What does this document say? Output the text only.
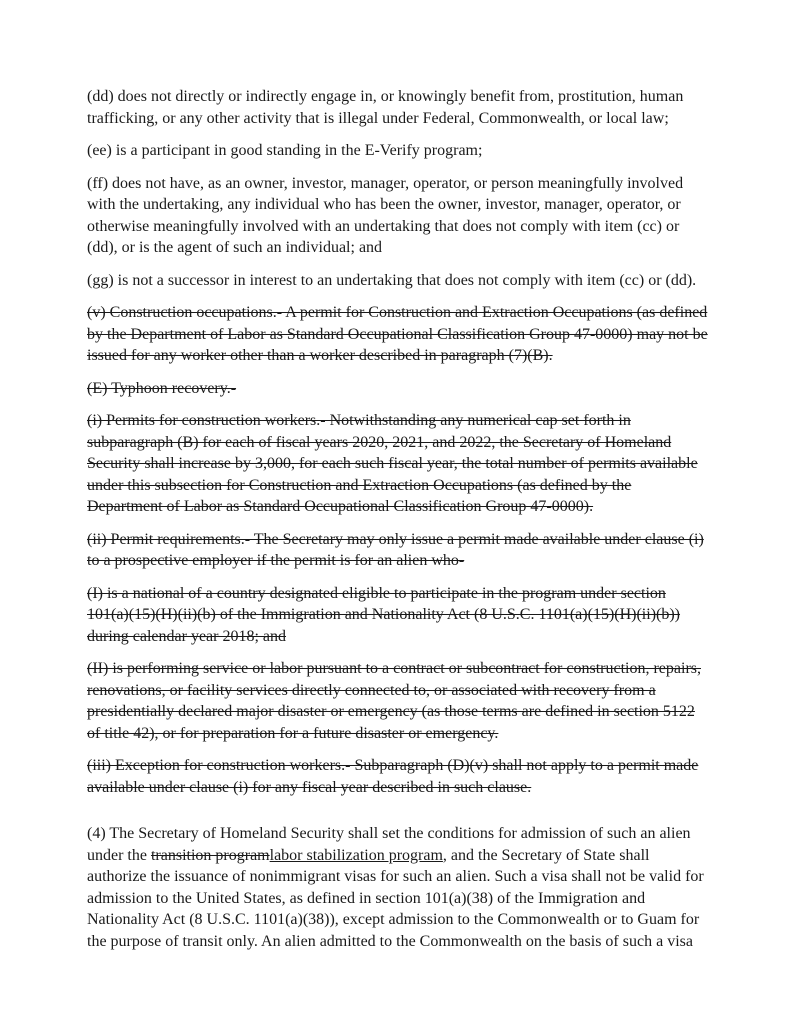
(dd) does not directly or indirectly engage in, or knowingly benefit from, prostitution, human trafficking, or any other activity that is illegal under Federal, Commonwealth, or local law;

(ee) is a participant in good standing in the E-Verify program;

(ff) does not have, as an owner, investor, manager, operator, or person meaningfully involved with the undertaking, any individual who has been the owner, investor, manager, operator, or otherwise meaningfully involved with an undertaking that does not comply with item (cc) or (dd), or is the agent of such an individual; and

(gg) is not a successor in interest to an undertaking that does not comply with item (cc) or (dd).

(v) Construction occupations.- A permit for Construction and Extraction Occupations (as defined by the Department of Labor as Standard Occupational Classification Group 47-0000) may not be issued for any worker other than a worker described in paragraph (7)(B).

(E) Typhoon recovery.-

(i) Permits for construction workers.- Notwithstanding any numerical cap set forth in subparagraph (B) for each of fiscal years 2020, 2021, and 2022, the Secretary of Homeland Security shall increase by 3,000, for each such fiscal year, the total number of permits available under this subsection for Construction and Extraction Occupations (as defined by the Department of Labor as Standard Occupational Classification Group 47-0000).

(ii) Permit requirements.- The Secretary may only issue a permit made available under clause (i) to a prospective employer if the permit is for an alien who-

(I) is a national of a country designated eligible to participate in the program under section 101(a)(15)(H)(ii)(b) of the Immigration and Nationality Act (8 U.S.C. 1101(a)(15)(H)(ii)(b)) during calendar year 2018; and

(II) is performing service or labor pursuant to a contract or subcontract for construction, repairs, renovations, or facility services directly connected to, or associated with recovery from a presidentially declared major disaster or emergency (as those terms are defined in section 5122 of title 42), or for preparation for a future disaster or emergency.

(iii) Exception for construction workers.- Subparagraph (D)(v) shall not apply to a permit made available under clause (i) for any fiscal year described in such clause.

(4) The Secretary of Homeland Security shall set the conditions for admission of such an alien under the transition programlabor stabilization program, and the Secretary of State shall authorize the issuance of nonimmigrant visas for such an alien. Such a visa shall not be valid for admission to the United States, as defined in section 101(a)(38) of the Immigration and Nationality Act (8 U.S.C. 1101(a)(38)), except admission to the Commonwealth or to Guam for the purpose of transit only. An alien admitted to the Commonwealth on the basis of such a visa
